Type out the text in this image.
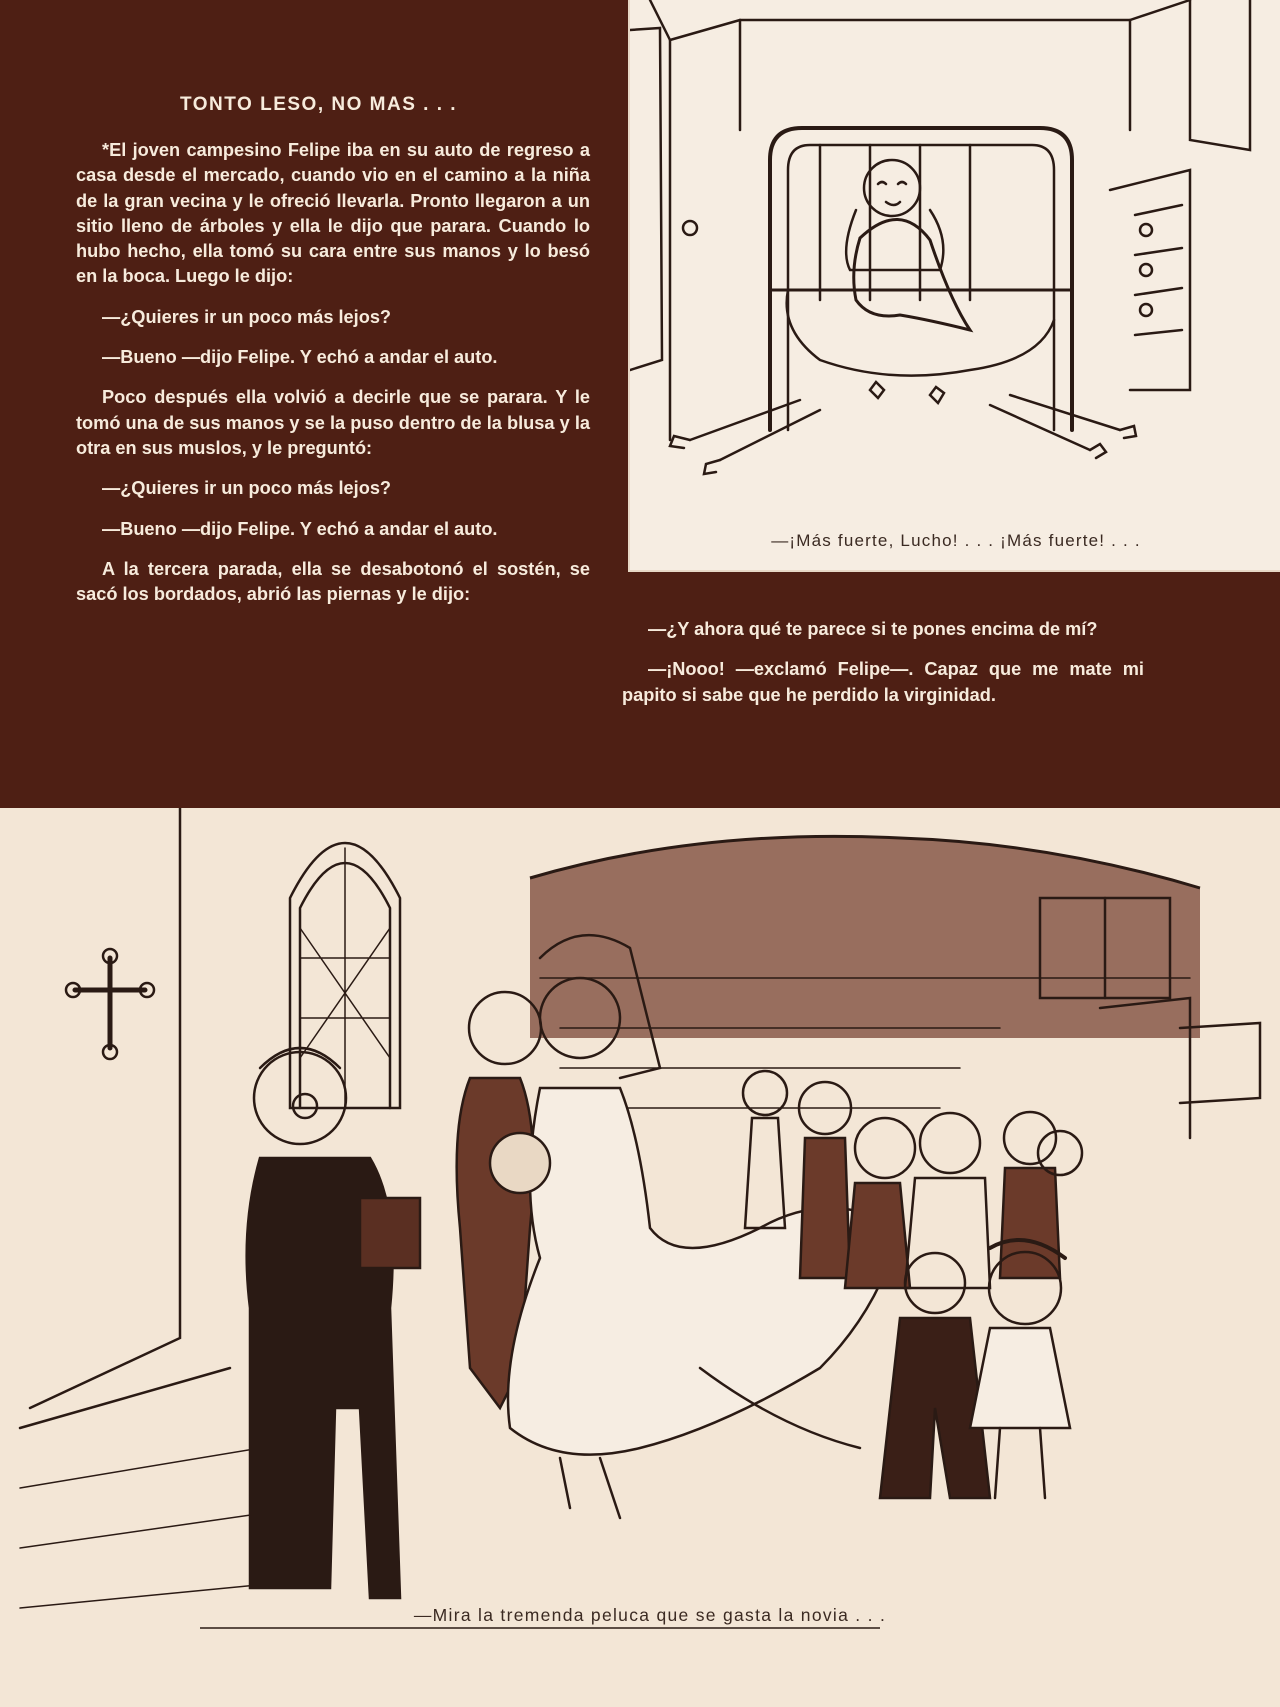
TONTO LESO, NO MAS . . .

*El joven campesino Felipe iba en su auto de regreso a casa desde el mercado, cuando vio en el camino a la niña de la gran vecina y le ofreció llevarla. Pronto llegaron a un sitio lleno de árboles y ella le dijo que parara. Cuando lo hubo hecho, ella tomó su cara entre sus manos y lo besó en la boca. Luego le dijo:

—¿Quieres ir un poco más lejos?

—Bueno —dijo Felipe. Y echó a andar el auto.

Poco después ella volvió a decirle que se parara. Y le tomó una de sus manos y se la puso dentro de la blusa y la otra en sus muslos, y le preguntó:

—¿Quieres ir un poco más lejos?

—Bueno —dijo Felipe. Y echó a andar el auto.

A la tercera parada, ella se desabotonó el sostén, se sacó los bordados, abrió las piernas y le dijo:

—¿Y ahora qué te parece si te pones encima de mí?

—¡Nooo! —exclamó Felipe—. Capaz que me mate mi papito si sabe que he perdido la virginidad.

—¡Más fuerte, Lucho! . . . ¡Más fuerte! . . .
—Mira la tremenda peluca que se gasta la novia . . .
